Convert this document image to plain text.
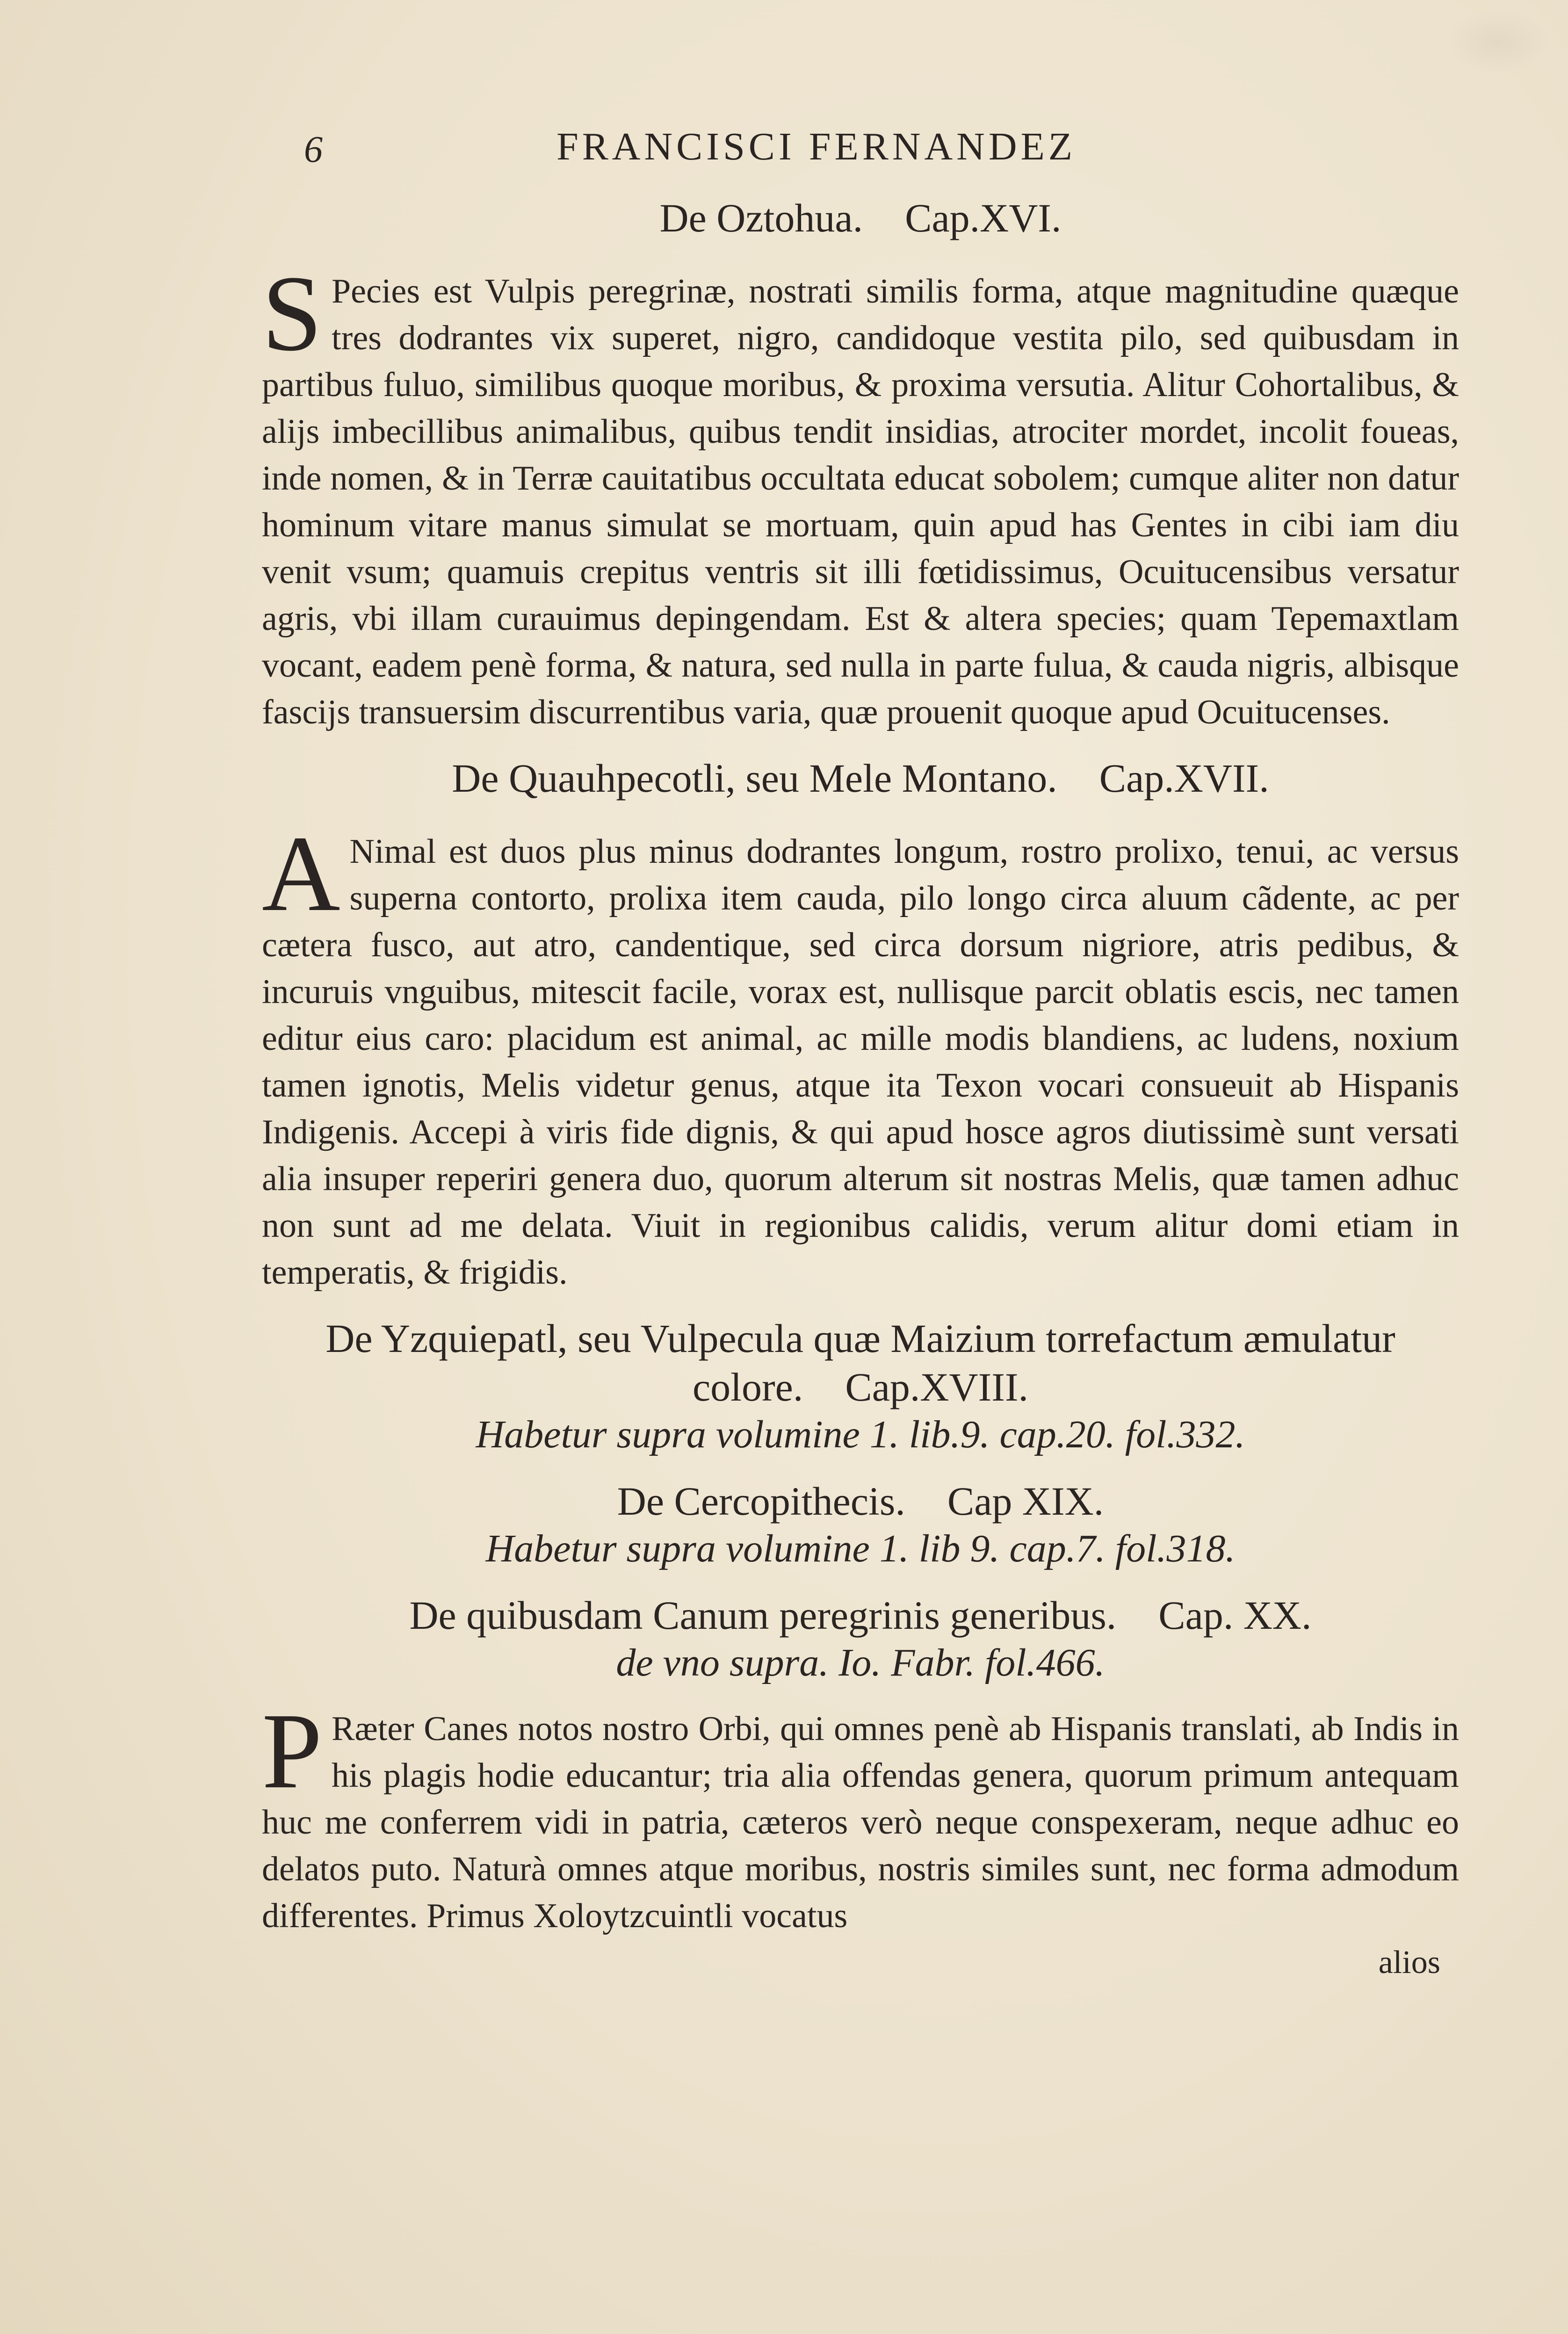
6	FRANCISCI FERNANDEZ
De Oztohua. Cap.XVI.

S Pecies est Vulpis peregrinæ, nostrati similis forma, atque magnitudine quæque tres dodrantes vix superet, nigro, candidoque vestita pilo, sed quibusdam in partibus fuluo, similibus quoque moribus, & proxima versutia. Alitur Cohortalibus, & alijs imbecillibus animalibus, quibus tendit insidias, atrociter mordet, incolit foueas, inde nomen, & in Terræ cauitatibus occultata educat sobolem; cumque aliter non datur hominum vitare manus simulat se mortuam, quin apud has Gentes in cibi iam diu venit vsum; quamuis crepitus ventris sit illi fœtidissimus, Ocuitucensibus versatur agris, vbi illam curauimus depingendam. Est & altera species; quam Tepemaxtlam vocant, eadem penè forma, & natura, sed nulla in parte fulua, & cauda nigris, albisque fascijs transuersim discurrentibus varia, quæ prouenit quoque apud Ocuitucenses.

De Quauhpecotli, seu Mele Montano. Cap.XVII.

A Nimal est duos plus minus dodrantes longum, rostro prolixo, tenui, ac versus superna contorto, prolixa item cauda, pilo longo circa aluum cãdente, ac per cætera fusco, aut atro, candentique, sed circa dorsum nigriore, atris pedibus, & incuruis vnguibus, mitescit facile, vorax est, nullisque parcit oblatis escis, nec tamen editur eius caro: placidum est animal, ac mille modis blandiens, ac ludens, noxium tamen ignotis, Melis videtur genus, atque ita Texon vocari consueuit ab Hispanis Indigenis. Accepi à viris fide dignis, & qui apud hosce agros diutissimè sunt versati alia insuper reperiri genera duo, quorum alterum sit nostras Melis, quæ tamen adhuc non sunt ad me delata. Viuit in regionibus calidis, verum alitur domi etiam in temperatis, & frigidis.

De Yzquiepatl, seu Vulpecula quæ Maizium torrefactum æmulatur
colore. Cap.XVIII.
Habetur supra volumine 1. lib.9. cap.20. fol.332.
De Cercopithecis. Cap XIX.
Habetur supra volumine 1. lib 9. cap.7. fol.318.
De quibusdam Canum peregrinis generibus. Cap. XX.
de vno supra. Io. Fabr. fol.466.

P Ræter Canes notos nostro Orbi, qui omnes penè ab Hispanis translati, ab Indis in his plagis hodie educantur; tria alia offendas genera, quorum primum antequam huc me conferrem vidi in patria, cæteros verò neque conspexeram, neque adhuc eo delatos puto. Naturà omnes atque moribus, nostris similes sunt, nec forma admodum differentes. Primus Xoloytzcuintli vocatus

alios
